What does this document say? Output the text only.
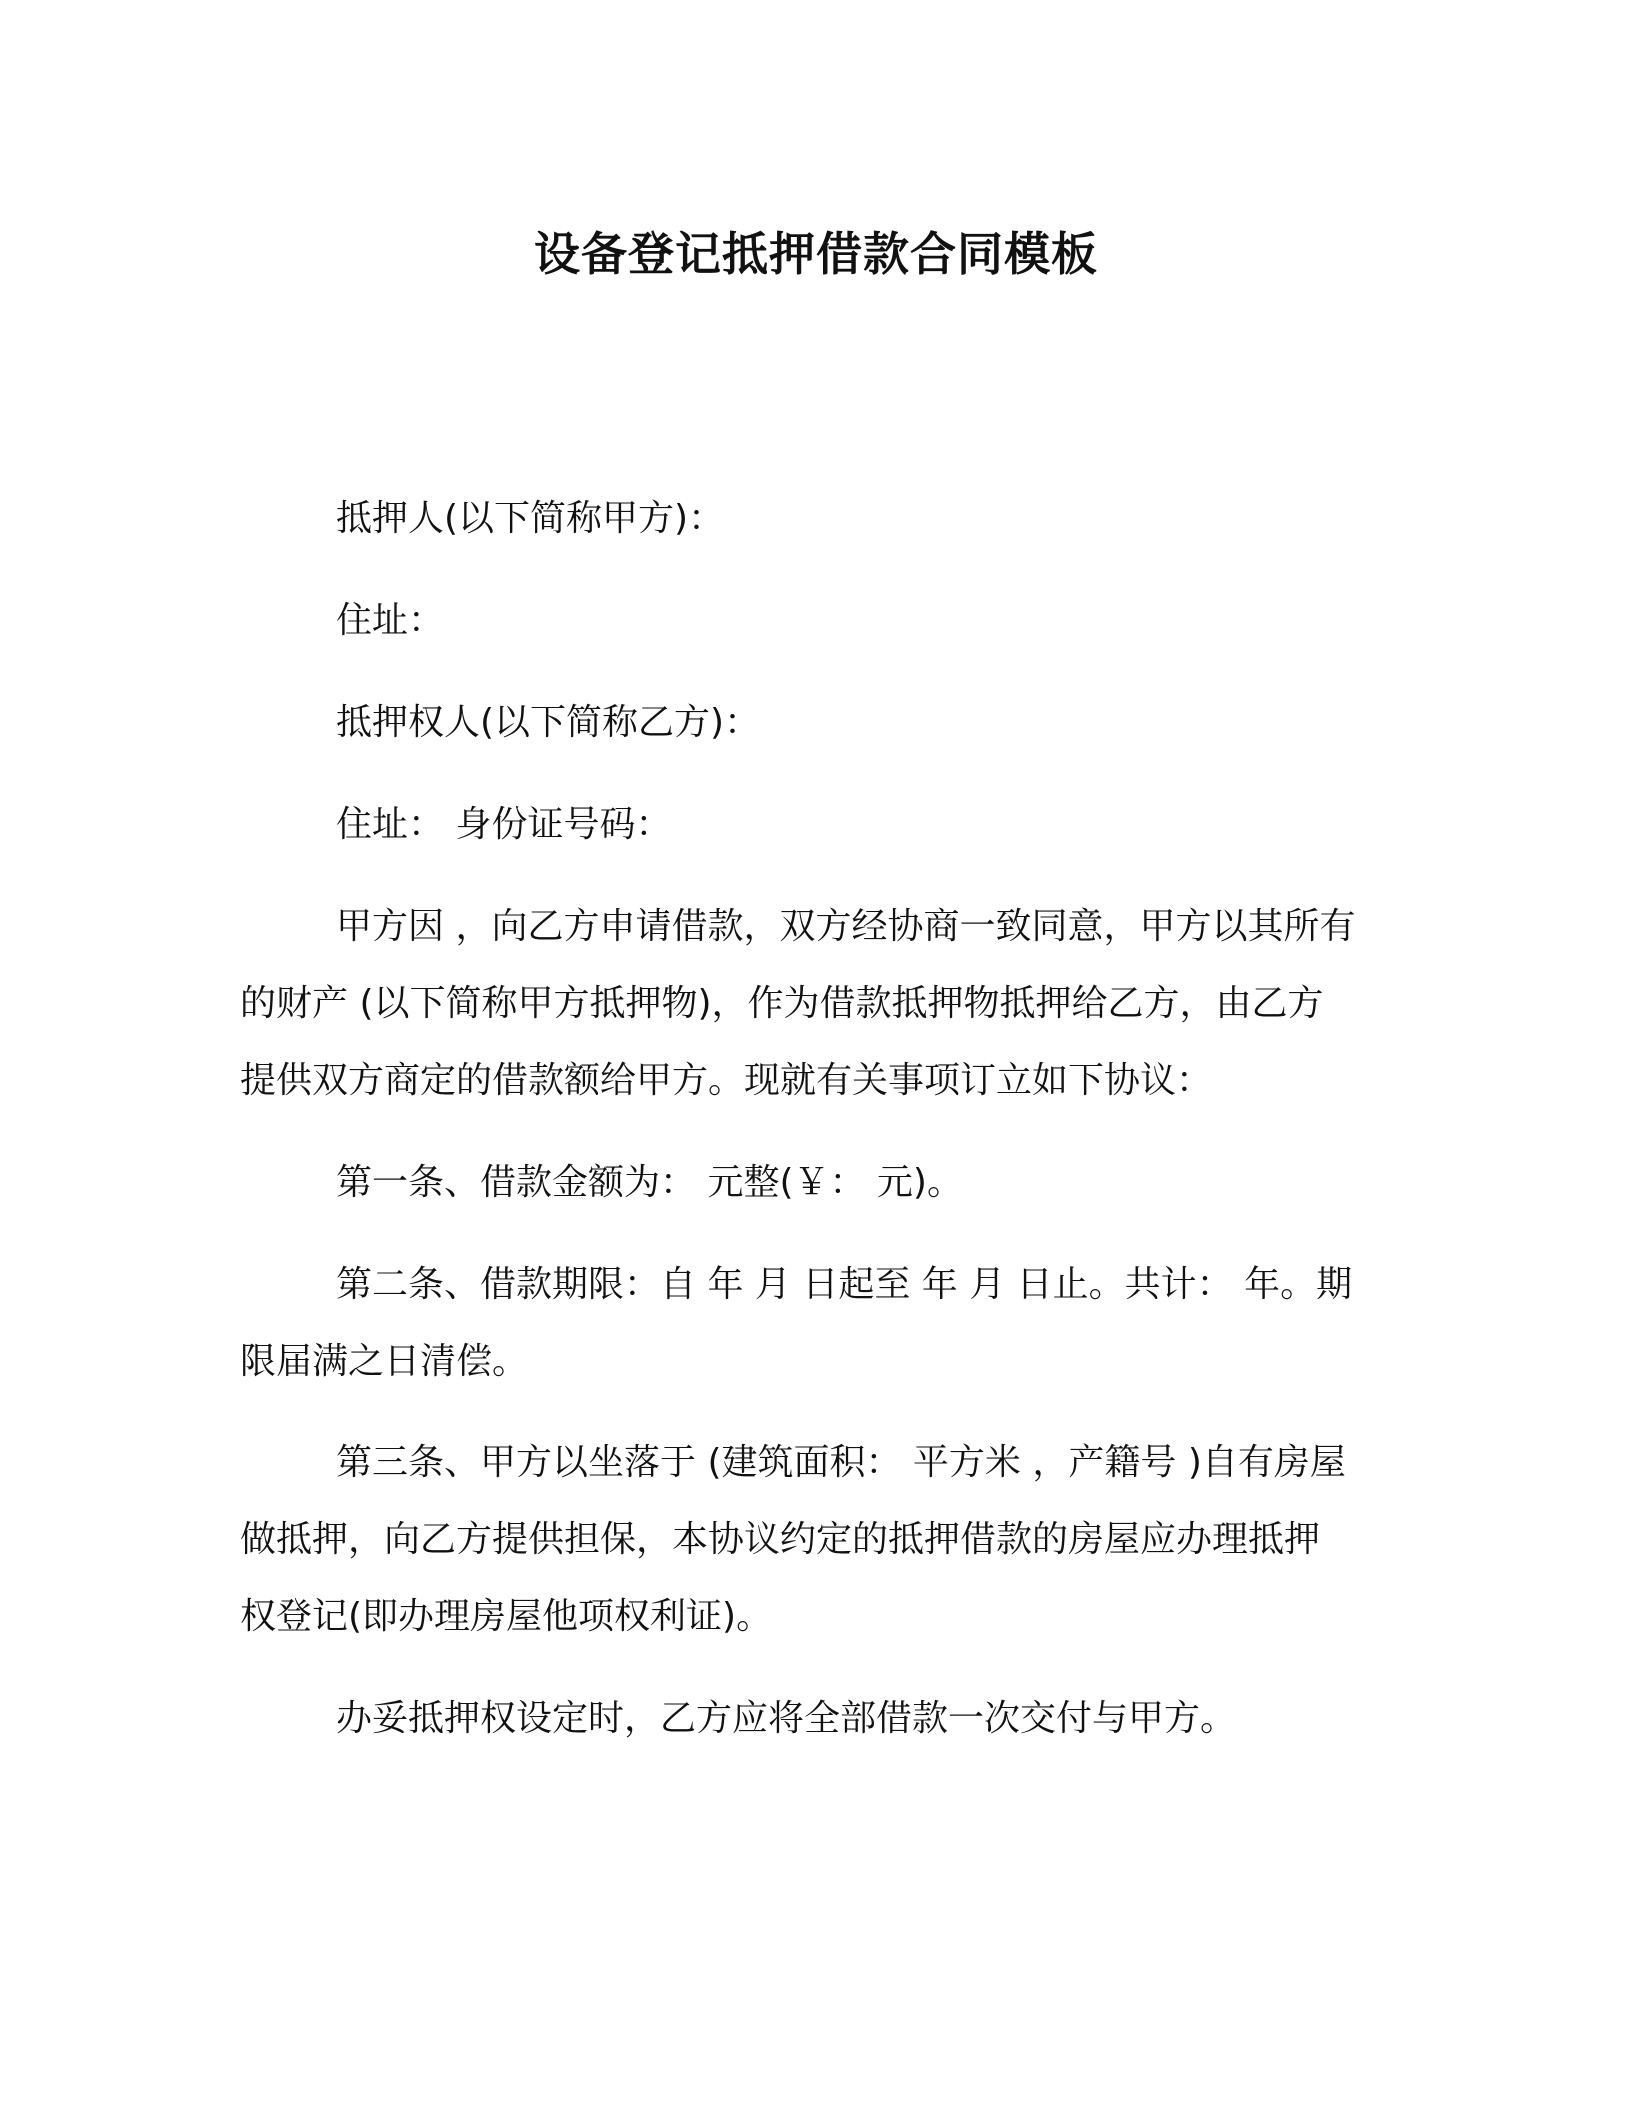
设备登记抵押借款合同模板

抵押人(以下简称甲方)：

住址：

抵押权人(以下简称乙方)：

住址： 身份证号码：

甲方因 ，向乙方申请借款，双方经协商一致同意，甲方以其所有
的财产 (以下简称甲方抵押物)，作为借款抵押物抵押给乙方，由乙方
提供双方商定的借款额给甲方。现就有关事项订立如下协议：

第一条、借款金额为： 元整(￥： 元)。

第二条、借款期限：自 年 月 日起至 年 月 日止。共计： 年。期
限届满之日清偿。

第三条、甲方以坐落于 (建筑面积： 平方米 ，产籍号 )自有房屋
做抵押，向乙方提供担保，本协议约定的抵押借款的房屋应办理抵押
权登记(即办理房屋他项权利证)。

办妥抵押权设定时，乙方应将全部借款一次交付与甲方。
